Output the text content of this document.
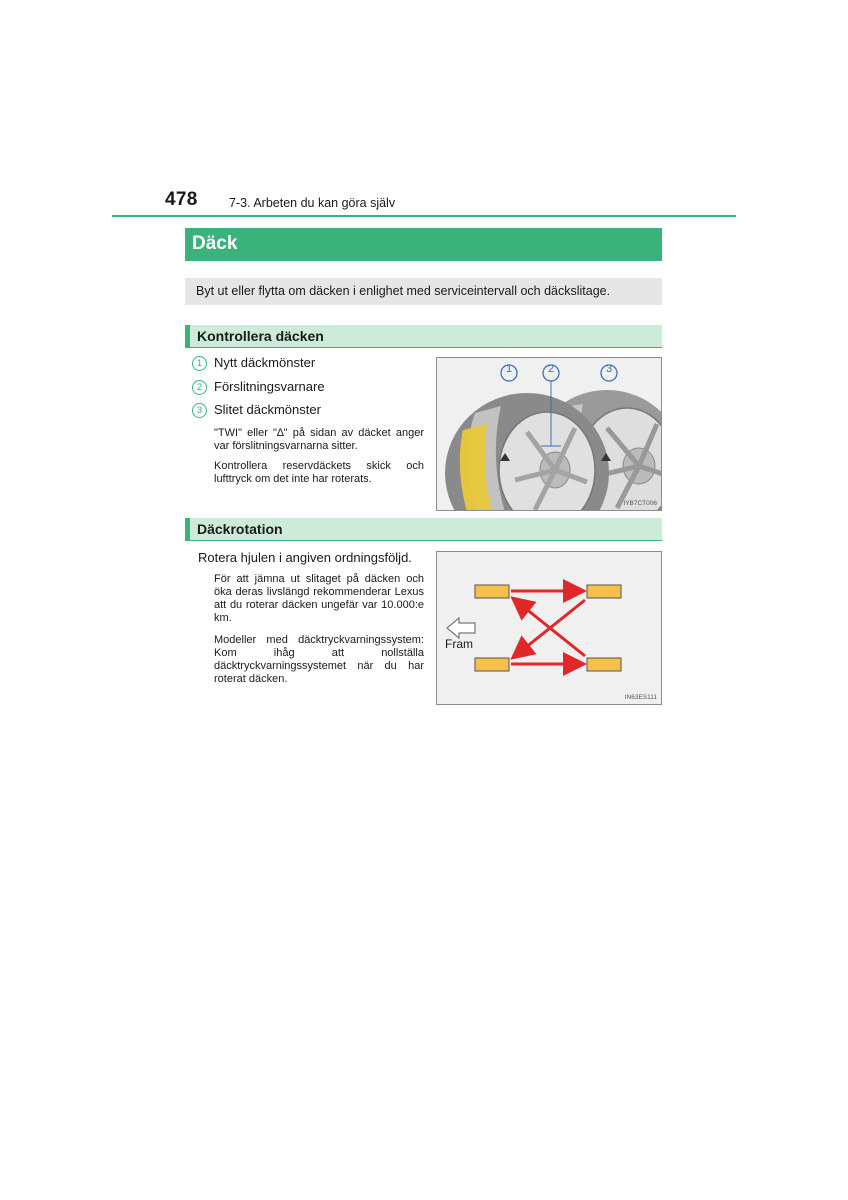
478	7-3. Arbeten du kan göra själv
Däck
Byt ut eller flytta om däcken i enlighet med serviceintervall och däckslitage.
Kontrollera däcken
1 Nytt däckmönster
2 Förslitningsvarnare
3 Slitet däckmönster
"TWI" eller "∆" på sidan av däcket anger var förslitningsvarnarna sitter.
Kontrollera reservdäckets skick och lufttryck om det inte har roterats.
1	2	3
IYB7CT006
Däckrotation
Rotera hjulen i angiven ordningsföljd.
För att jämna ut slitaget på däcken och öka deras livslängd rekommenderar Lexus att du roterar däcken ungefär var 10.000:e km.
Modeller med däcktryckvarningssystem: Kom ihåg att nollställa däcktryckvarningssystemet när du har roterat däcken.
Fram
IN63ES111
